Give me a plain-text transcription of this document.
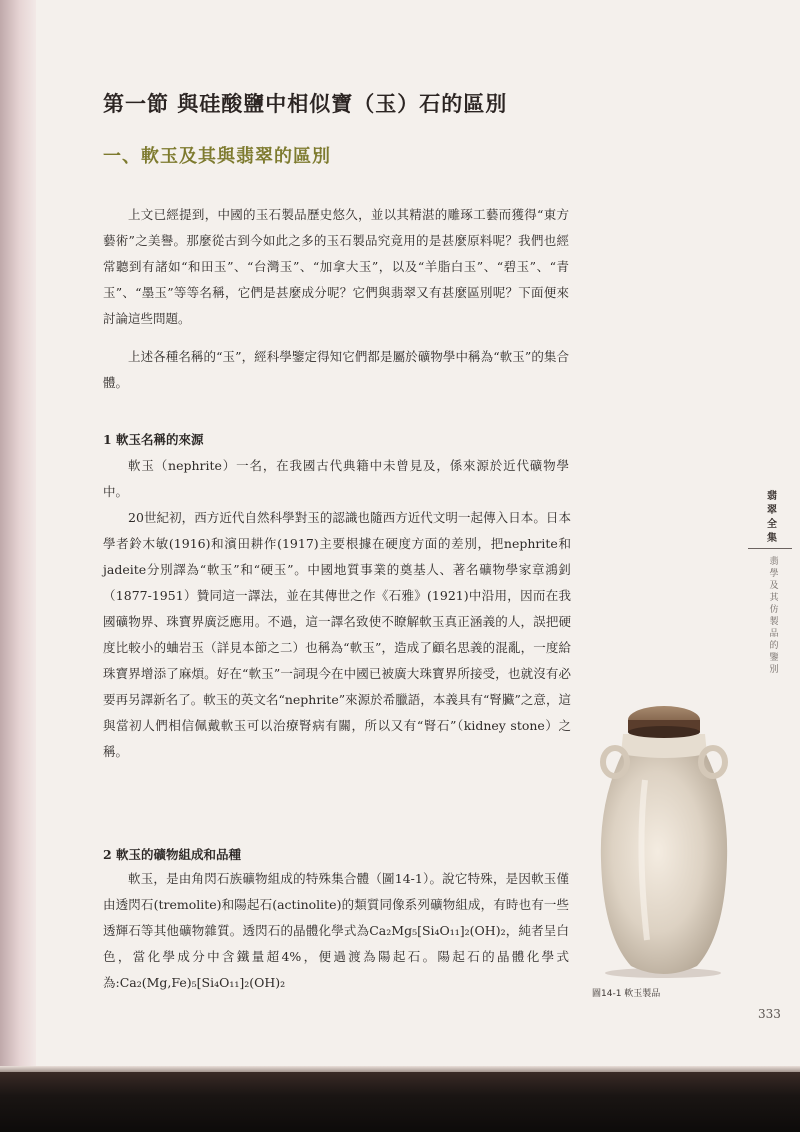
第一節 與硅酸鹽中相似寶（玉）石的區別
一、軟玉及其與翡翠的區別

上文已經提到，中國的玉石製品歷史悠久，並以其精湛的雕琢工藝而獲得“東方藝術”之美譽。那麼從古到今如此之多的玉石製品究竟用的是甚麼原料呢？我們也經常聽到有諸如“和田玉”、“台灣玉”、“加拿大玉”，以及“羊脂白玉”、“碧玉”、“青玉”、“墨玉”等等名稱，它們是甚麼成分呢？它們與翡翠又有甚麼區別呢？下面便來討論這些問題。

上述各種名稱的“玉”，經科學鑒定得知它們都是屬於礦物學中稱為“軟玉”的集合體。

1 軟玉名稱的來源

軟玉（nephrite）一名，在我國古代典籍中未曾見及，係來源於近代礦物學中。

20世紀初，西方近代自然科學對玉的認識也隨西方近代文明一起傳入日本。日本學者鈴木敏(1916)和濱田耕作(1917)主要根據在硬度方面的差別，把nephrite和jadeite分別譯為“軟玉”和“硬玉”。中國地質事業的奠基人、著名礦物學家章鴻釗（1877-1951）贊同這一譯法，並在其傳世之作《石雅》(1921)中沿用，因而在我國礦物界、珠寶界廣泛應用。不過，這一譯名致使不瞭解軟玉真正涵義的人，誤把硬度比較小的蛐岩玉（詳見本節之二）也稱為“軟玉”，造成了顧名思義的混亂，一度給珠寶界增添了麻煩。好在“軟玉”一詞現今在中國已被廣大珠寶界所接受，也就沒有必要再另譯新名了。軟玉的英文名“nephrite”來源於希臘語，本義具有“腎臟”之意，這與當初人們相信佩戴軟玉可以治療腎病有關，所以又有“腎石”（kidney stone）之稱。

2 軟玉的礦物組成和品種

軟玉，是由角閃石族礦物組成的特殊集合體（圖14-1）。說它特殊，是因軟玉僅由透閃石(tremolite)和陽起石(actinolite)的類質同像系列礦物組成，有時也有一些透輝石等其他礦物雜質。透閃石的晶體化學式為Ca₂Mg₅[Si₄O₁₁]₂(OH)₂，純者呈白色，當化學成分中含鐵量超4%，便過渡為陽起石。陽起石的晶體化學式為:Ca₂(Mg,Fe)₅[Si₄O₁₁]₂(OH)₂

翡翠全集
翡學及其仿製品的鑒別
圖14-1 軟玉製品
333
